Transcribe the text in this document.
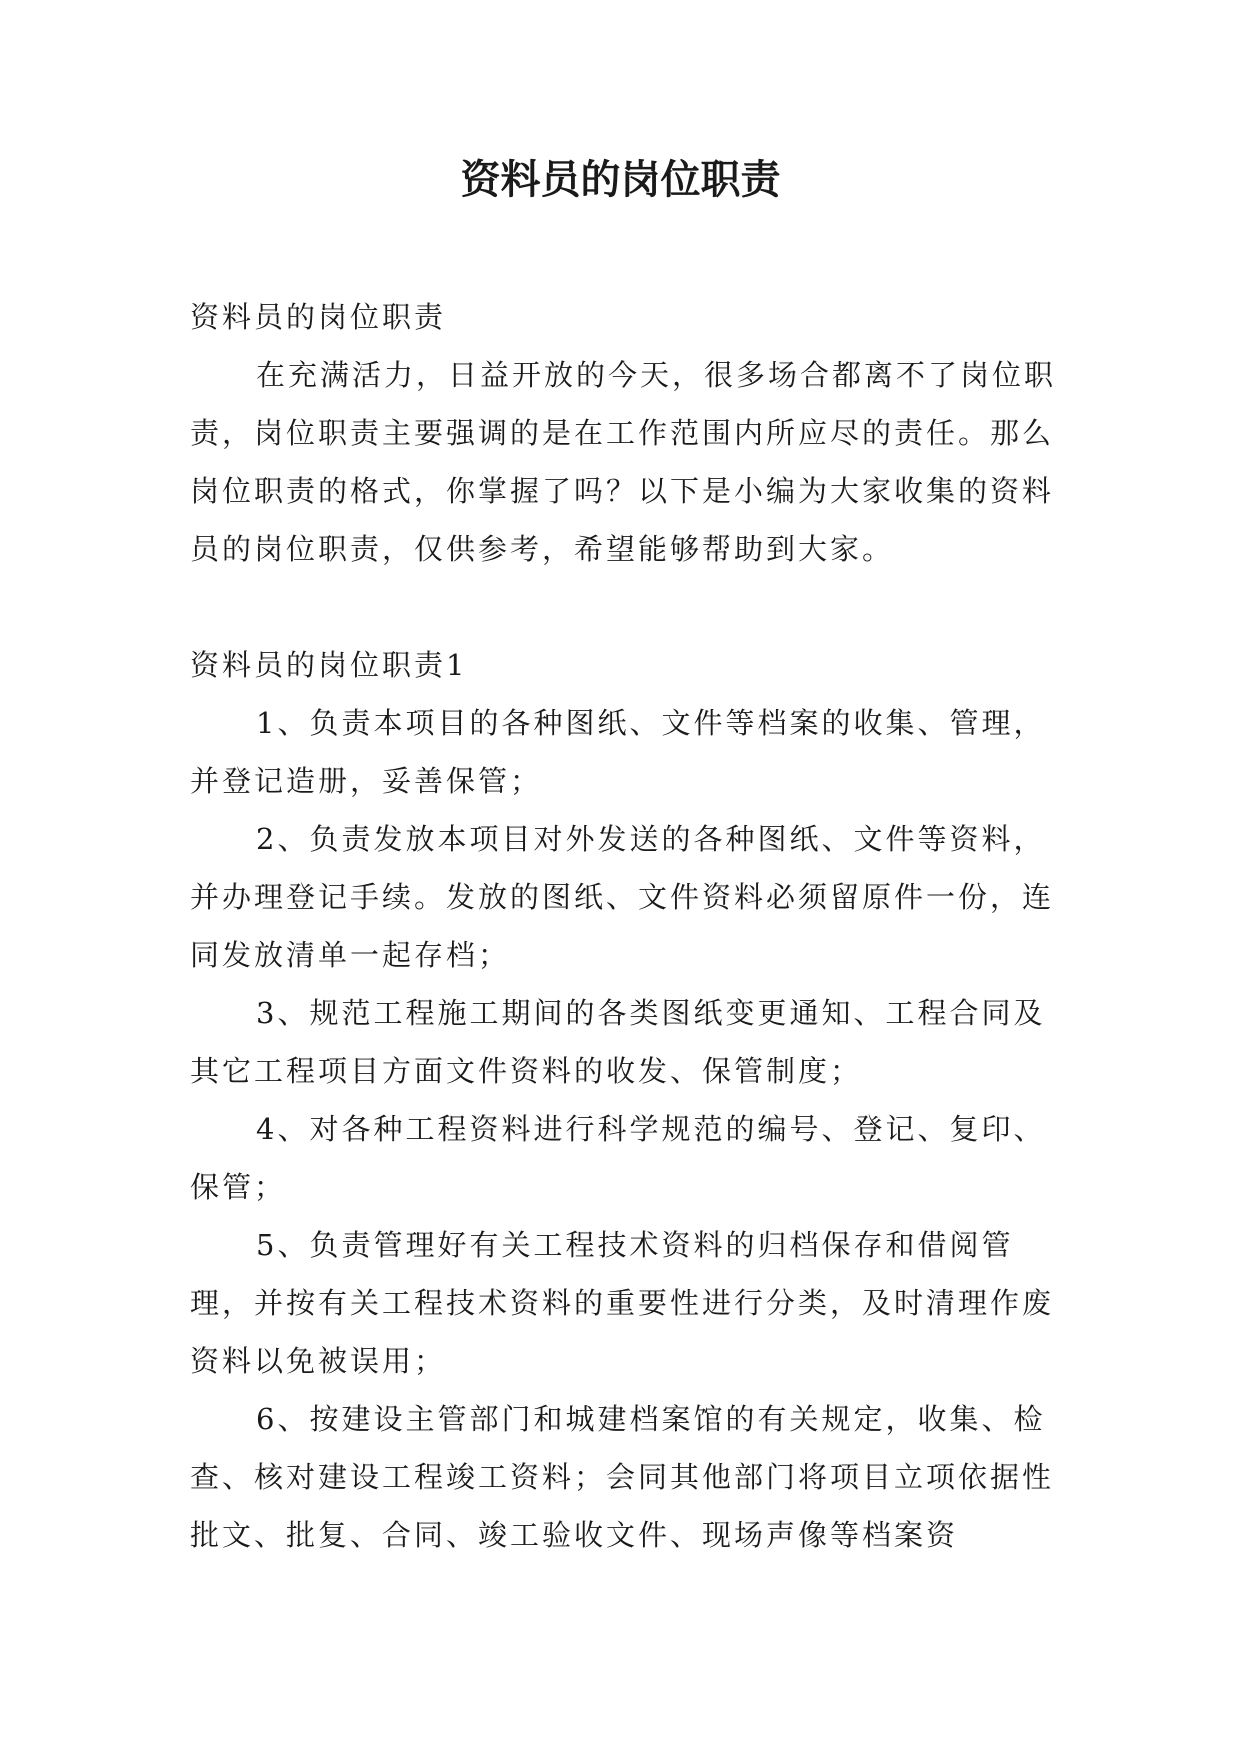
资料员的岗位职责

资料员的岗位职责

在充满活力，日益开放的今天，很多场合都离不了岗位职责，岗位职责主要强调的是在工作范围内所应尽的责任。那么岗位职责的格式，你掌握了吗？以下是小编为大家收集的资料员的岗位职责，仅供参考，希望能够帮助到大家。

资料员的岗位职责1

1、负责本项目的各种图纸、文件等档案的收集、管理，并登记造册，妥善保管；

2、负责发放本项目对外发送的各种图纸、文件等资料，并办理登记手续。发放的图纸、文件资料必须留原件一份，连同发放清单一起存档；

3、规范工程施工期间的各类图纸变更通知、工程合同及其它工程项目方面文件资料的收发、保管制度；

4、对各种工程资料进行科学规范的编号、登记、复印、保管；

5、负责管理好有关工程技术资料的归档保存和借阅管理，并按有关工程技术资料的重要性进行分类，及时清理作废资料以免被误用；

6、按建设主管部门和城建档案馆的有关规定，收集、检查、核对建设工程竣工资料；会同其他部门将项目立项依据性批文、批复、合同、竣工验收文件、现场声像等档案资
